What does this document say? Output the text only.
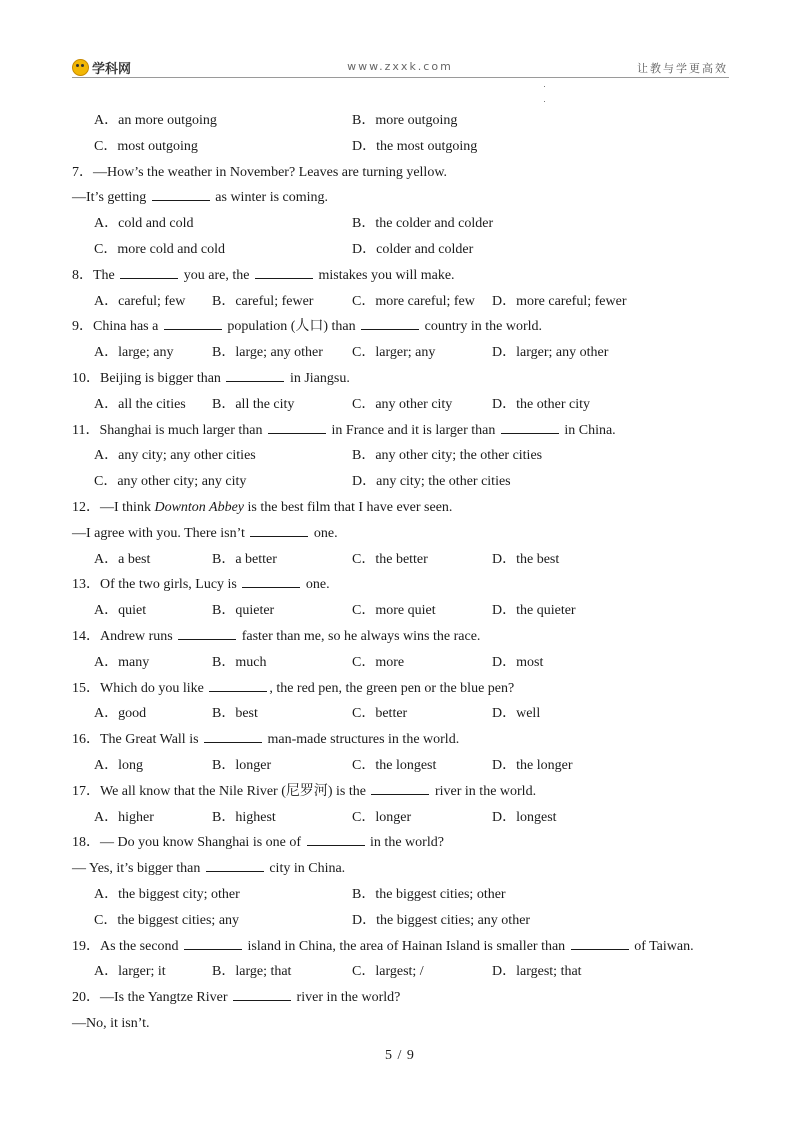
学科网	www.zxxk.com	让教与学更高效
A．an more outgoing	B．more outgoing
C．most outgoing	D．the most outgoing
7．—How’s the weather in November? Leaves are turning yellow.
—It’s getting	as winter is coming.
A．cold and cold	B．the colder and colder
C．more cold and cold	D．colder and colder
8．The	you are, the	mistakes you will make.
A．careful; few B．careful; fewer	C．more careful; few D．more careful; fewer
9．China has a	population (人口) than	country in the world.
A．large; any	B．large; any other C．larger; any	D．larger; any other
10．Beijing is bigger than	in Jiangsu.
A．all the cities B．all the city	C．any other city	D．the other city
11．Shanghai is much larger than	in France and it is larger than	in China.
A．any city; any other cities	B．any other city; the other cities
C．any other city; any city	D．any city; the other cities
12．—I think Downton Abbey is the best film that I have ever seen.
—I agree with you. There isn’t	one.
A．a best	B．a better	C．the better	D．the best
13．Of the two girls, Lucy is	one.
A．quiet	B．quieter	C．more quiet	D．the quieter
14．Andrew runs	faster than me, so he always wins the race.
A．many	B．much	C．more	D．most
15．Which do you like	, the red pen, the green pen or the blue pen?
A．good	B．best	C．better	D．well
16．The Great Wall is	man-made structures in the world.
A．long	B．longer	C．the longest	D．the longer
17．We all know that the Nile River (尼罗河) is the	river in the world.
A．higher	B．highest	C．longer	D．longest
18．— Do you know Shanghai is one of	in the world?
— Yes, it’s bigger than	city in China.
A．the biggest city; other	B．the biggest cities; other
C．the biggest cities; any	D．the biggest cities; any other
19．As the second	island in China, the area of Hainan Island is smaller than	of Taiwan.
A．larger; it	B．large; that	C．largest; /	D．largest; that
20．—Is the Yangtze River	river in the world?
—No, it isn’t.
5 / 9
